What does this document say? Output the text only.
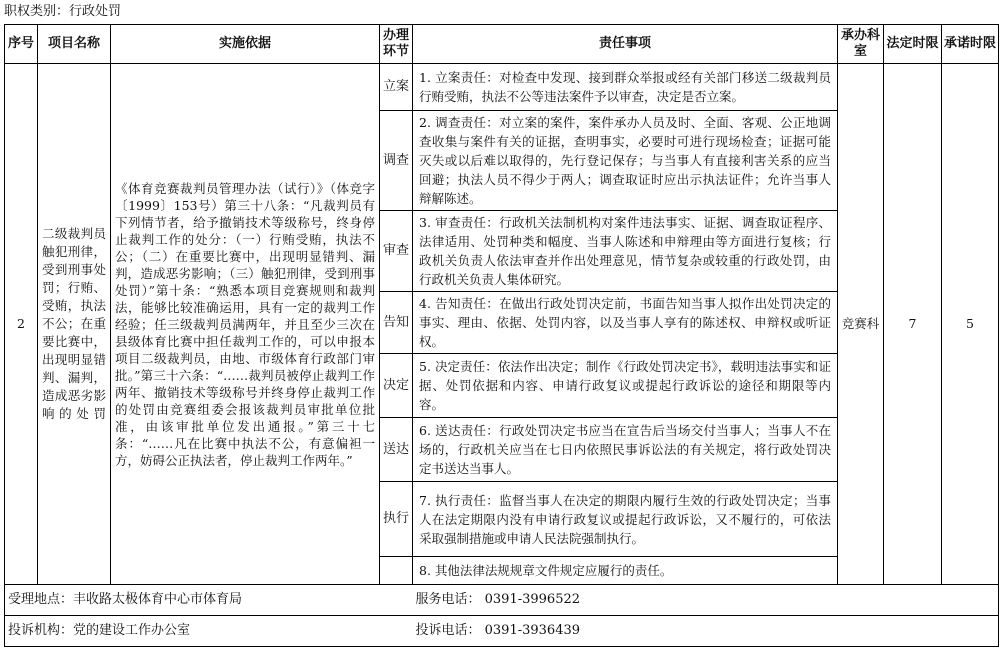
职权类别：行政处罚
序号	项目名称	实施依据	办理环节	责任事项	承办科室	法定时限	承诺时限
2	二级裁判员触犯刑律，受到刑事处罚；行贿、受贿，执法不公；在重要比赛中，出现明显错判、漏判，造成恶劣影响的处罚	《体育竞赛裁判员管理办法（试行）》（体竞字〔1999〕153号）第三十八条：“凡裁判员有下列情节者，给予撤销技术等级称号，终身停止裁判工作的处分：（一）行贿受贿，执法不公；（二）在重要比赛中，出现明显错判、漏判，造成恶劣影响；（三）触犯刑律，受到刑事处罚）”第十条：“熟悉本项目竞赛规则和裁判法，能够比较准确运用，具有一定的裁判工作经验；任三级裁判员满两年，并且至少三次在县级体育比赛中担任裁判工作的，可以申报本项目二级裁判员，由地、市级体育行政部门审批。”第三十六条：“……裁判员被停止裁判工作两年、撤销技术等级称号并终身停止裁判工作的处罚由竞赛组委会报该裁判员审批单位批准，由该审批单位发出通报。”第三十七条：“……凡在比赛中执法不公，有意偏袒一方，妨碍公正执法者，停止裁判工作两年。”	立案	1. 立案责任：对检查中发现、接到群众举报或经有关部门移送二级裁判员行贿受贿，执法不公等违法案件予以审查，决定是否立案。	竞赛科	7	5
			调查	2. 调查责任：对立案的案件，案件承办人员及时、全面、客观、公正地调查收集与案件有关的证据，查明事实，必要时可进行现场检查；证据可能灭失或以后难以取得的，先行登记保存；与当事人有直接利害关系的应当回避；执法人员不得少于两人；调查取证时应出示执法证件；允许当事人辩解陈述。			
			审查	3. 审查责任：行政机关法制机构对案件违法事实、证据、调查取证程序、法律适用、处罚种类和幅度、当事人陈述和申辩理由等方面进行复核；行政机关负责人依法审查并作出处理意见，情节复杂或较重的行政处罚，由行政机关负责人集体研究。			
			告知	4. 告知责任：在做出行政处罚决定前，书面告知当事人拟作出处罚决定的事实、理由、依据、处罚内容，以及当事人享有的陈述权、申辩权或听证权。			
			决定	5. 决定责任：依法作出决定；制作《行政处罚决定书》，载明违法事实和证据、处罚依据和内容、申请行政复议或提起行政诉讼的途径和期限等内容。			
			送达	6. 送达责任：行政处罚决定书应当在宣告后当场交付当事人；当事人不在场的，行政机关应当在七日内依照民事诉讼法的有关规定，将行政处罚决定书送达当事人。			
			执行	7. 执行责任：监督当事人在决定的期限内履行生效的行政处罚决定；当事人在法定期限内没有申请行政复议或提起行政诉讼，又不履行的，可依法采取强制措施或申请人民法院强制执行。			
				8. 其他法律法规规章文件规定应履行的责任。			
受理地点：丰收路太极体育中心市体育局				服务电话： 0391-3996522			
投诉机构：党的建设工作办公室				投诉电话： 0391-3936439			
